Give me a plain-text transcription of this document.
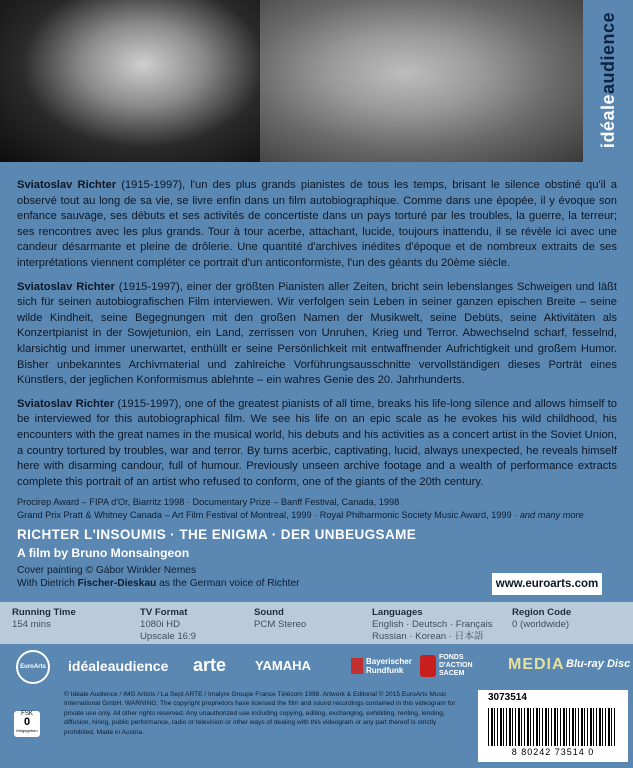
idéaleaudience

Sviatoslav Richter (1915-1997), l'un des plus grands pianistes de tous les temps, brisant le silence obstiné qu'il a observé tout au long de sa vie, se livre enfin dans un film autobiographique. Comme dans une épopée, il y évoque son enfance sauvage, ses débuts et ses activités de concertiste dans un pays torturé par les troubles, la guerre, la terreur; ses rencontres avec les plus grands. Tour à tour acerbe, attachant, lucide, toujours inattendu, il se révèle ici avec une candeur désarmante et pleine de drôlerie. Une quantité d'archives inédites d'époque et de nombreux extraits de ses interprétations viennent compléter ce portrait d'un anticonformiste, l'un des géants du 20ème siècle.

Sviatoslav Richter (1915-1997), einer der größten Pianisten aller Zeiten, bricht sein lebenslanges Schweigen und läßt sich für seinen autobiografischen Film interviewen. Wir verfolgen sein Leben in seiner ganzen epischen Breite – seine wilde Kindheit, seine Begegnungen mit den großen Namen der Musikwelt, seine Debüts, seine Aktivitäten als Konzertpianist in der Sowjetunion, ein Land, zerrissen von Unruhen, Krieg und Terror. Abwechselnd scharf, fesselnd, klarsichtig und immer unerwartet, enthüllt er seine Persönlichkeit mit entwaffnender Aufrichtigkeit und großem Humor. Bisher unbekanntes Archivmaterial und zahlreiche Vorführungsausschnitte vervollständigen dieses Porträt eines Künstlers, der jeglichen Konformismus ablehnte – ein wahres Genie des 20. Jahrhunderts.

Sviatoslav Richter (1915-1997), one of the greatest pianists of all time, breaks his life-long silence and allows himself to be interviewed for this autobiographical film. We see his life on an epic scale as he evokes his wild childhood, his encounters with the great names in the musical world, his debuts and his activities as a concert artist in the Soviet Union, a country tortured by troubles, war and terror. By turns acerbic, captivating, lucid, always unexpected, he reveals himself here with disarming candour, full of humour. Previously unseen archive footage and a wealth of performance extracts complete this portrait of an artist who refused to conform, one of the giants of the 20th century.

Procirep Award – FIPA d'Or, Biarritz 1998 · Documentary Prize – Banff Festival, Canada, 1998
Grand Prix Pratt & Whitney Canada – Art Film Festival of Montreal, 1999 · Royal Philharmonic Society Music Award, 1999 · and many more
RICHTER L'INSOUMIS · THE ENIGMA · DER UNBEUGSAME
A film by Bruno Monsaingeon
Cover painting © Gábor Winkler Nemes
With Dietrich Fischer-Dieskau as the German voice of Richter	www.euroarts.com
Running Time
154 mins
TV Format
1080i HD
Upscale 16:9
Sound
PCM Stereo
Languages
English · Deutsch · Français
Russian · Korean · 日本語
Region Code
0 (worldwide)
EuroArts idéaleaudience arte YAMAHA	Bayerischer Rundfunk
FONDS D'ACTION SACEM
MEDIA Blu-ray Disc
FSK
0
freigegeben
© Idéale Audience / IMG Artists / La Sept ARTE / Imalyre Groupe France Télécom 1998. Artwork & Editorial © 2015 EuroArts Music International GmbH. WARNING: The copyright proprietors have licensed the film and sound recordings contained in this videogram for private use only. All other rights reserved. Any unauthorized use including copying, editing, exchanging, exhibiting, renting, lending, diffusion, hiring, public performance, radio or television or other ways of dealing with this videogram or any part thereof is strictly prohibited. Made in Austria.
3073514
8 80242 73514 0
